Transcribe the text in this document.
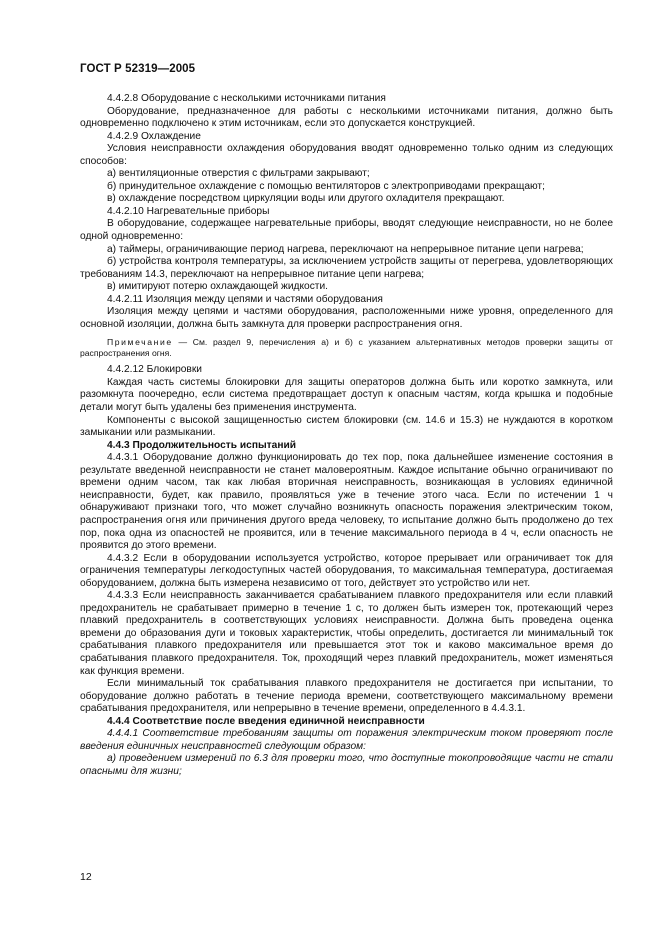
ГОСТ Р 52319—2005

4.4.2.8 Оборудование с несколькими источниками питания

Оборудование, предназначенное для работы с несколькими источниками питания, должно быть одновременно подключено к этим источникам, если это допускается конструкцией.

4.4.2.9 Охлаждение

Условия неисправности охлаждения оборудования вводят одновременно только одним из следующих способов:

а) вентиляционные отверстия с фильтрами закрывают;

б) принудительное охлаждение с помощью вентиляторов с электроприводами прекращают;

в) охлаждение посредством циркуляции воды или другого охладителя прекращают.

4.4.2.10 Нагревательные приборы

В оборудование, содержащее нагревательные приборы, вводят следующие неисправности, но не более одной одновременно:

а) таймеры, ограничивающие период нагрева, переключают на непрерывное питание цепи нагрева;

б) устройства контроля температуры, за исключением устройств защиты от перегрева, удовлетворяющих требованиям 14.3, переключают на непрерывное питание цепи нагрева;

в) имитируют потерю охлаждающей жидкости.

4.4.2.11 Изоляция между цепями и частями оборудования

Изоляция между цепями и частями оборудования, расположенными ниже уровня, определенного для основной изоляции, должна быть замкнута для проверки распространения огня.

Примечание — См. раздел 9, перечисления а) и б) с указанием альтернативных методов проверки защиты от распространения огня.

4.4.2.12 Блокировки

Каждая часть системы блокировки для защиты операторов должна быть или коротко замкнута, или разомкнута поочередно, если система предотвращает доступ к опасным частям, когда крышка и подобные детали могут быть удалены без применения инструмента.

Компоненты с высокой защищенностью систем блокировки (см. 14.6 и 15.3) не нуждаются в коротком замыкании или размыкании.

4.4.3 Продолжительность испытаний

4.4.3.1 Оборудование должно функционировать до тех пор, пока дальнейшее изменение состояния в результате введенной неисправности не станет маловероятным. Каждое испытание обычно ограничивают по времени одним часом, так как любая вторичная неисправность, возникающая в условиях единичной неисправности, будет, как правило, проявляться уже в течение этого часа. Если по истечении 1 ч обнаруживают признаки того, что может случайно возникнуть опасность поражения электрическим током, распространения огня или причинения другого вреда человеку, то испытание должно быть продолжено до тех пор, пока одна из опасностей не проявится, или в течение максимального периода в 4 ч, если опасность не проявится до этого времени.

4.4.3.2 Если в оборудовании используется устройство, которое прерывает или ограничивает ток для ограничения температуры легкодоступных частей оборудования, то максимальная температура, достигаемая оборудованием, должна быть измерена независимо от того, действует это устройство или нет.

4.4.3.3 Если неисправность заканчивается срабатыванием плавкого предохранителя или если плавкий предохранитель не срабатывает примерно в течение 1 с, то должен быть измерен ток, протекающий через плавкий предохранитель в соответствующих условиях неисправности. Должна быть проведена оценка времени до образования дуги и токовых характеристик, чтобы определить, достигается ли минимальный ток срабатывания плавкого предохранителя или превышается этот ток и каково максимальное время до срабатывания плавкого предохранителя. Ток, проходящий через плавкий предохранитель, может изменяться как функция времени.

Если минимальный ток срабатывания плавкого предохранителя не достигается при испытании, то оборудование должно работать в течение периода времени, соответствующего максимальному времени срабатывания предохранителя, или непрерывно в течение времени, определенного в 4.4.3.1.

4.4.4 Соответствие после введения единичной неисправности

4.4.4.1 Соответствие требованиям защиты от поражения электрическим током проверяют после введения единичных неисправностей следующим образом:

а) проведением измерений по 6.3 для проверки того, что доступные токопроводящие части не стали опасными для жизни;

12
